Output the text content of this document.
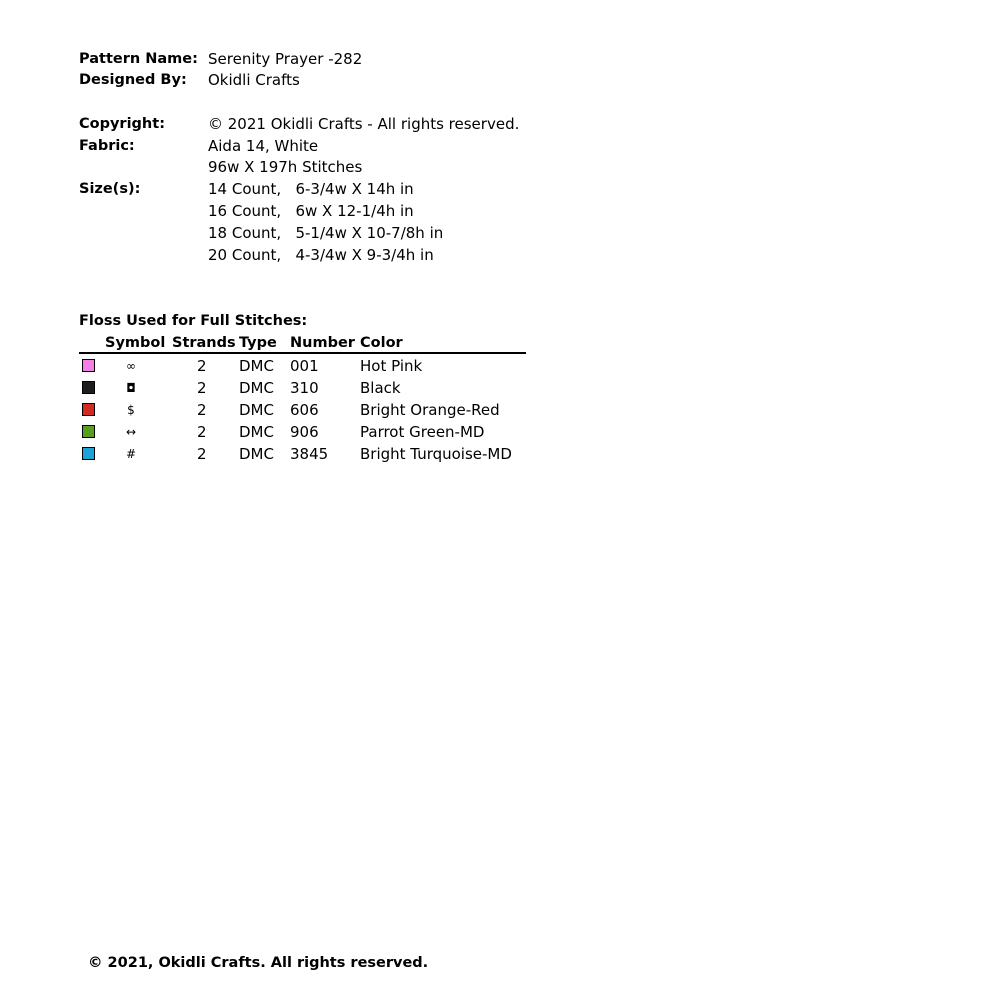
Pattern Name: Serenity Prayer -282
Designed By: Okidli Crafts
Copyright:	© 2021 Okidli Crafts - All rights reserved.
Fabric:	Aida 14, White
96w X 197h Stitches
Size(s):	14 Count,   6-3/4w X 14h in
16 Count,   6w X 12-1/4h in
18 Count,   5-1/4w X 10-7/8h in
20 Count,   4-3/4w X 9-3/4h in
Floss Used for Full Stitches:
Symbol Strands Type Number Color
∞	2 DMC 001	Hot Pink
◘	2 DMC 310	Black
$	2 DMC 606	Bright Orange-Red
↔	2 DMC 906	Parrot Green-MD
#	2 DMC 3845 Bright Turquoise-MD
© 2021, Okidli Crafts. All rights reserved.
